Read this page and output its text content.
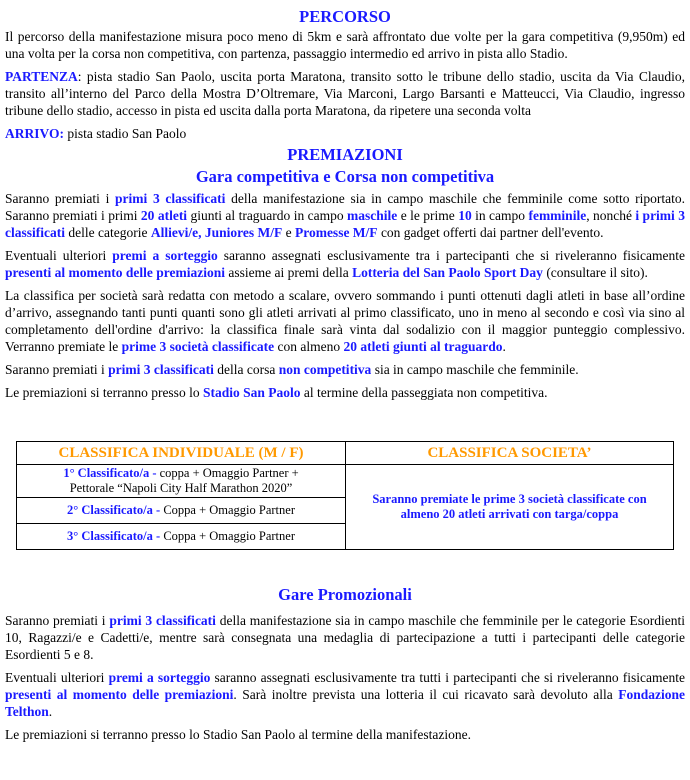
PERCORSO

Il percorso della manifestazione misura poco meno di 5km e sarà affrontato due volte per la gara competitiva (9,950m) ed una volta per la corsa non competitiva, con partenza, passaggio intermedio ed arrivo in pista allo Stadio.

PARTENZA: pista stadio San Paolo, uscita porta Maratona, transito sotto le tribune dello stadio, uscita da Via Claudio, transito all’interno del Parco della Mostra D’Oltremare, Via Marconi, Largo Barsanti e Matteucci, Via Claudio, ingresso tribune dello stadio, accesso in pista ed uscita dalla porta Maratona, da ripetere una seconda volta

ARRIVO: pista stadio San Paolo

PREMIAZIONI
Gara competitiva e Corsa non competitiva

Saranno premiati i primi 3 classificati della manifestazione sia in campo maschile che femminile come sotto riportato. Saranno premiati i primi 20 atleti giunti al traguardo in campo maschile e le prime 10 in campo femminile, nonché i primi 3 classificati delle categorie Allievi/e, Juniores M/F e Promesse M/F con gadget offerti dai partner dell'evento.

Eventuali ulteriori premi a sorteggio saranno assegnati esclusivamente tra i partecipanti che si riveleranno fisicamente presenti al momento delle premiazioni assieme ai premi della Lotteria del San Paolo Sport Day (consultare il sito).

La classifica per società sarà redatta con metodo a scalare, ovvero sommando i punti ottenuti dagli atleti in base all’ordine d’arrivo, assegnando tanti punti quanti sono gli atleti arrivati al primo classificato, uno in meno al secondo e così via sino al completamento dell'ordine d'arrivo: la classifica finale sarà vinta dal sodalizio con il maggior punteggio complessivo. Verranno premiate le prime 3 società classificate con almeno 20 atleti giunti al traguardo.

Saranno premiati i primi 3 classificati della corsa non competitiva sia in campo maschile che femminile.

Le premiazioni si terranno presso lo Stadio San Paolo al termine della passeggiata non competitiva.

CLASSIFICA INDIVIDUALE (M / F)	CLASSIFICA SOCIETA’
1° Classificato/a - coppa + Omaggio Partner +
Pettorale “Napoli City Half Marathon 2020”	Saranno premiate le prime 3 società classificate con almeno 20 atleti arrivati con targa/coppa
2° Classificato/a - Coppa + Omaggio Partner	
3° Classificato/a - Coppa + Omaggio Partner	
Gare Promozionali

Saranno premiati i primi 3 classificati della manifestazione sia in campo maschile che femminile per le categorie Esordienti 10, Ragazzi/e e Cadetti/e, mentre sarà consegnata una medaglia di partecipazione a tutti i partecipanti delle categorie Esordienti 5 e 8.

Eventuali ulteriori premi a sorteggio saranno assegnati esclusivamente tra tutti i partecipanti che si riveleranno fisicamente presenti al momento delle premiazioni. Sarà inoltre prevista una lotteria il cui ricavato sarà devoluto alla Fondazione Telthon.

Le premiazioni si terranno presso lo Stadio San Paolo al termine della manifestazione.
